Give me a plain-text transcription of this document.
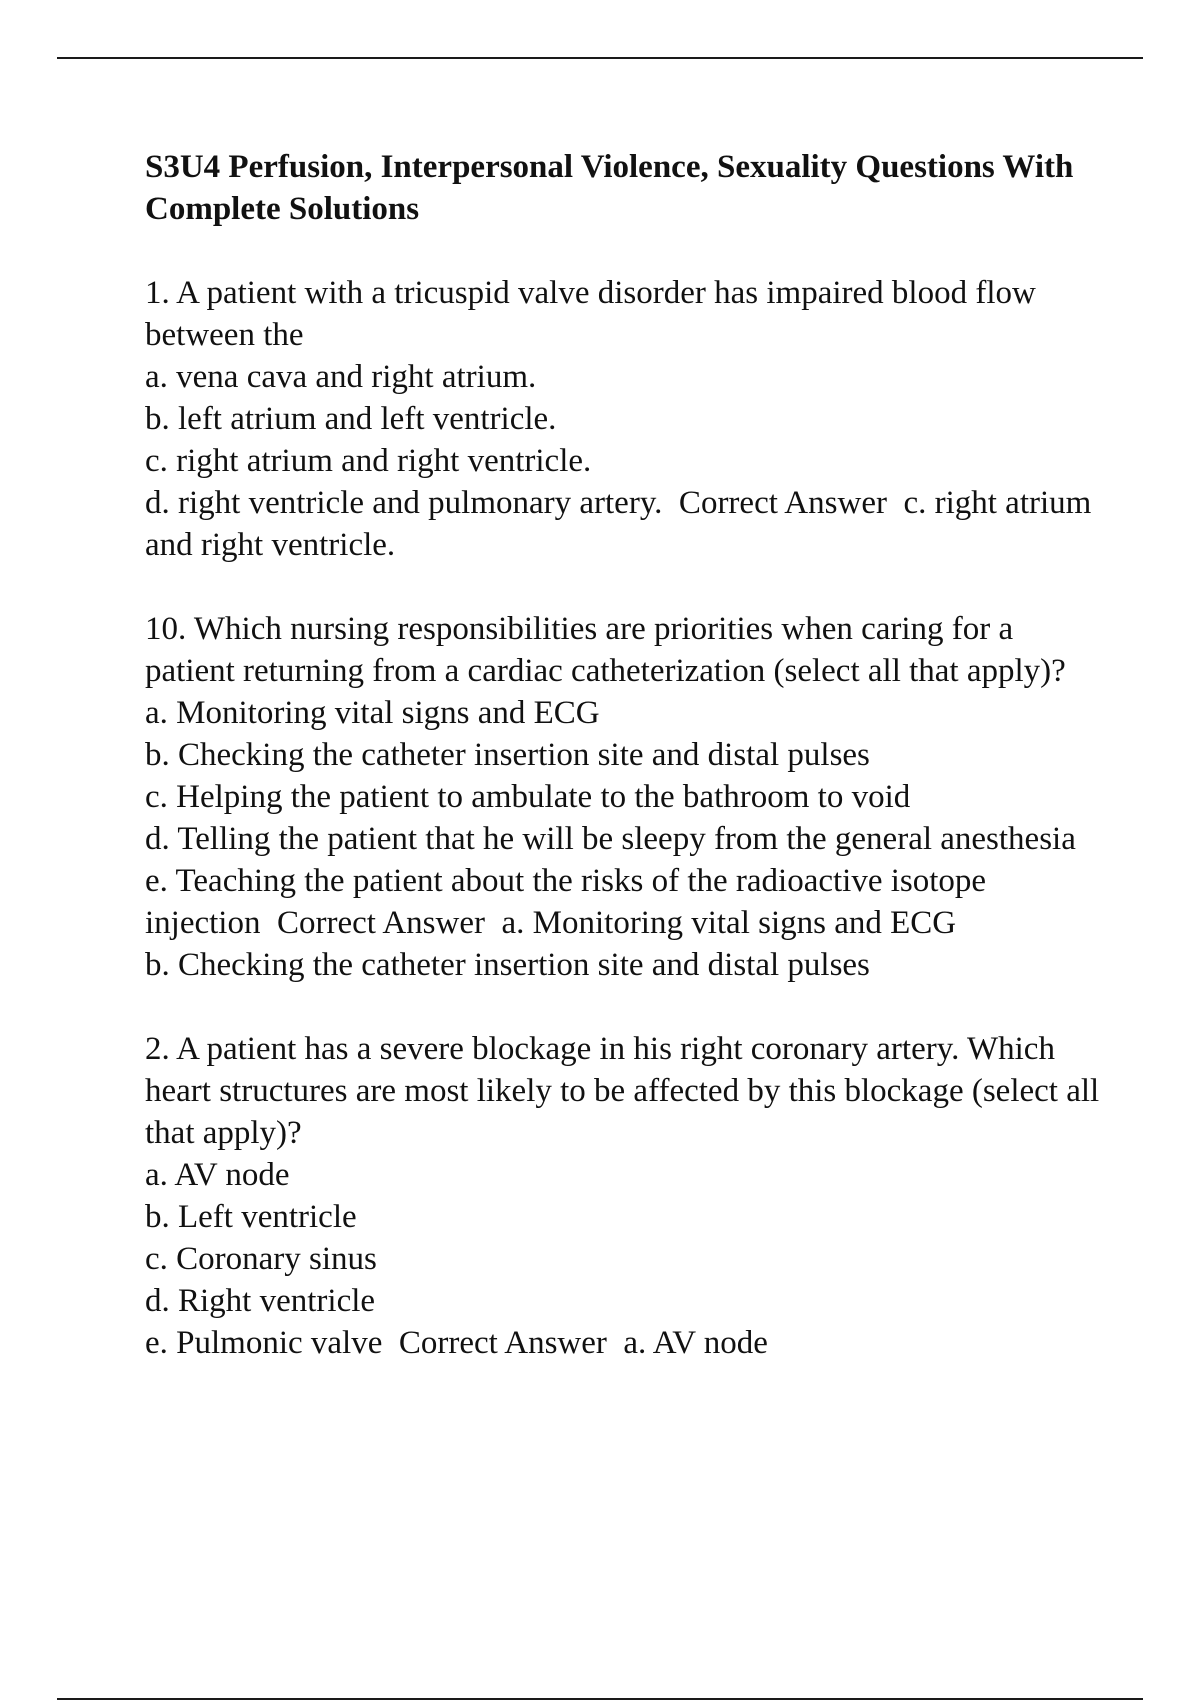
S3U4 Perfusion, Interpersonal Violence, Sexuality Questions With Complete Solutions
1. A patient with a tricuspid valve disorder has impaired blood flow between the
a. vena cava and right atrium.
b. left atrium and left ventricle.
c. right atrium and right ventricle.
d. right ventricle and pulmonary artery.  Correct Answer  c. right atrium and right ventricle.
10. Which nursing responsibilities are priorities when caring for a patient returning from a cardiac catheterization (select all that apply)?
a. Monitoring vital signs and ECG
b. Checking the catheter insertion site and distal pulses
c. Helping the patient to ambulate to the bathroom to void
d. Telling the patient that he will be sleepy from the general anesthesia
e. Teaching the patient about the risks of the radioactive isotope injection  Correct Answer  a. Monitoring vital signs and ECG
b. Checking the catheter insertion site and distal pulses
2. A patient has a severe blockage in his right coronary artery. Which heart structures are most likely to be affected by this blockage (select all that apply)?
a. AV node
b. Left ventricle
c. Coronary sinus
d. Right ventricle
e. Pulmonic valve  Correct Answer  a. AV node
